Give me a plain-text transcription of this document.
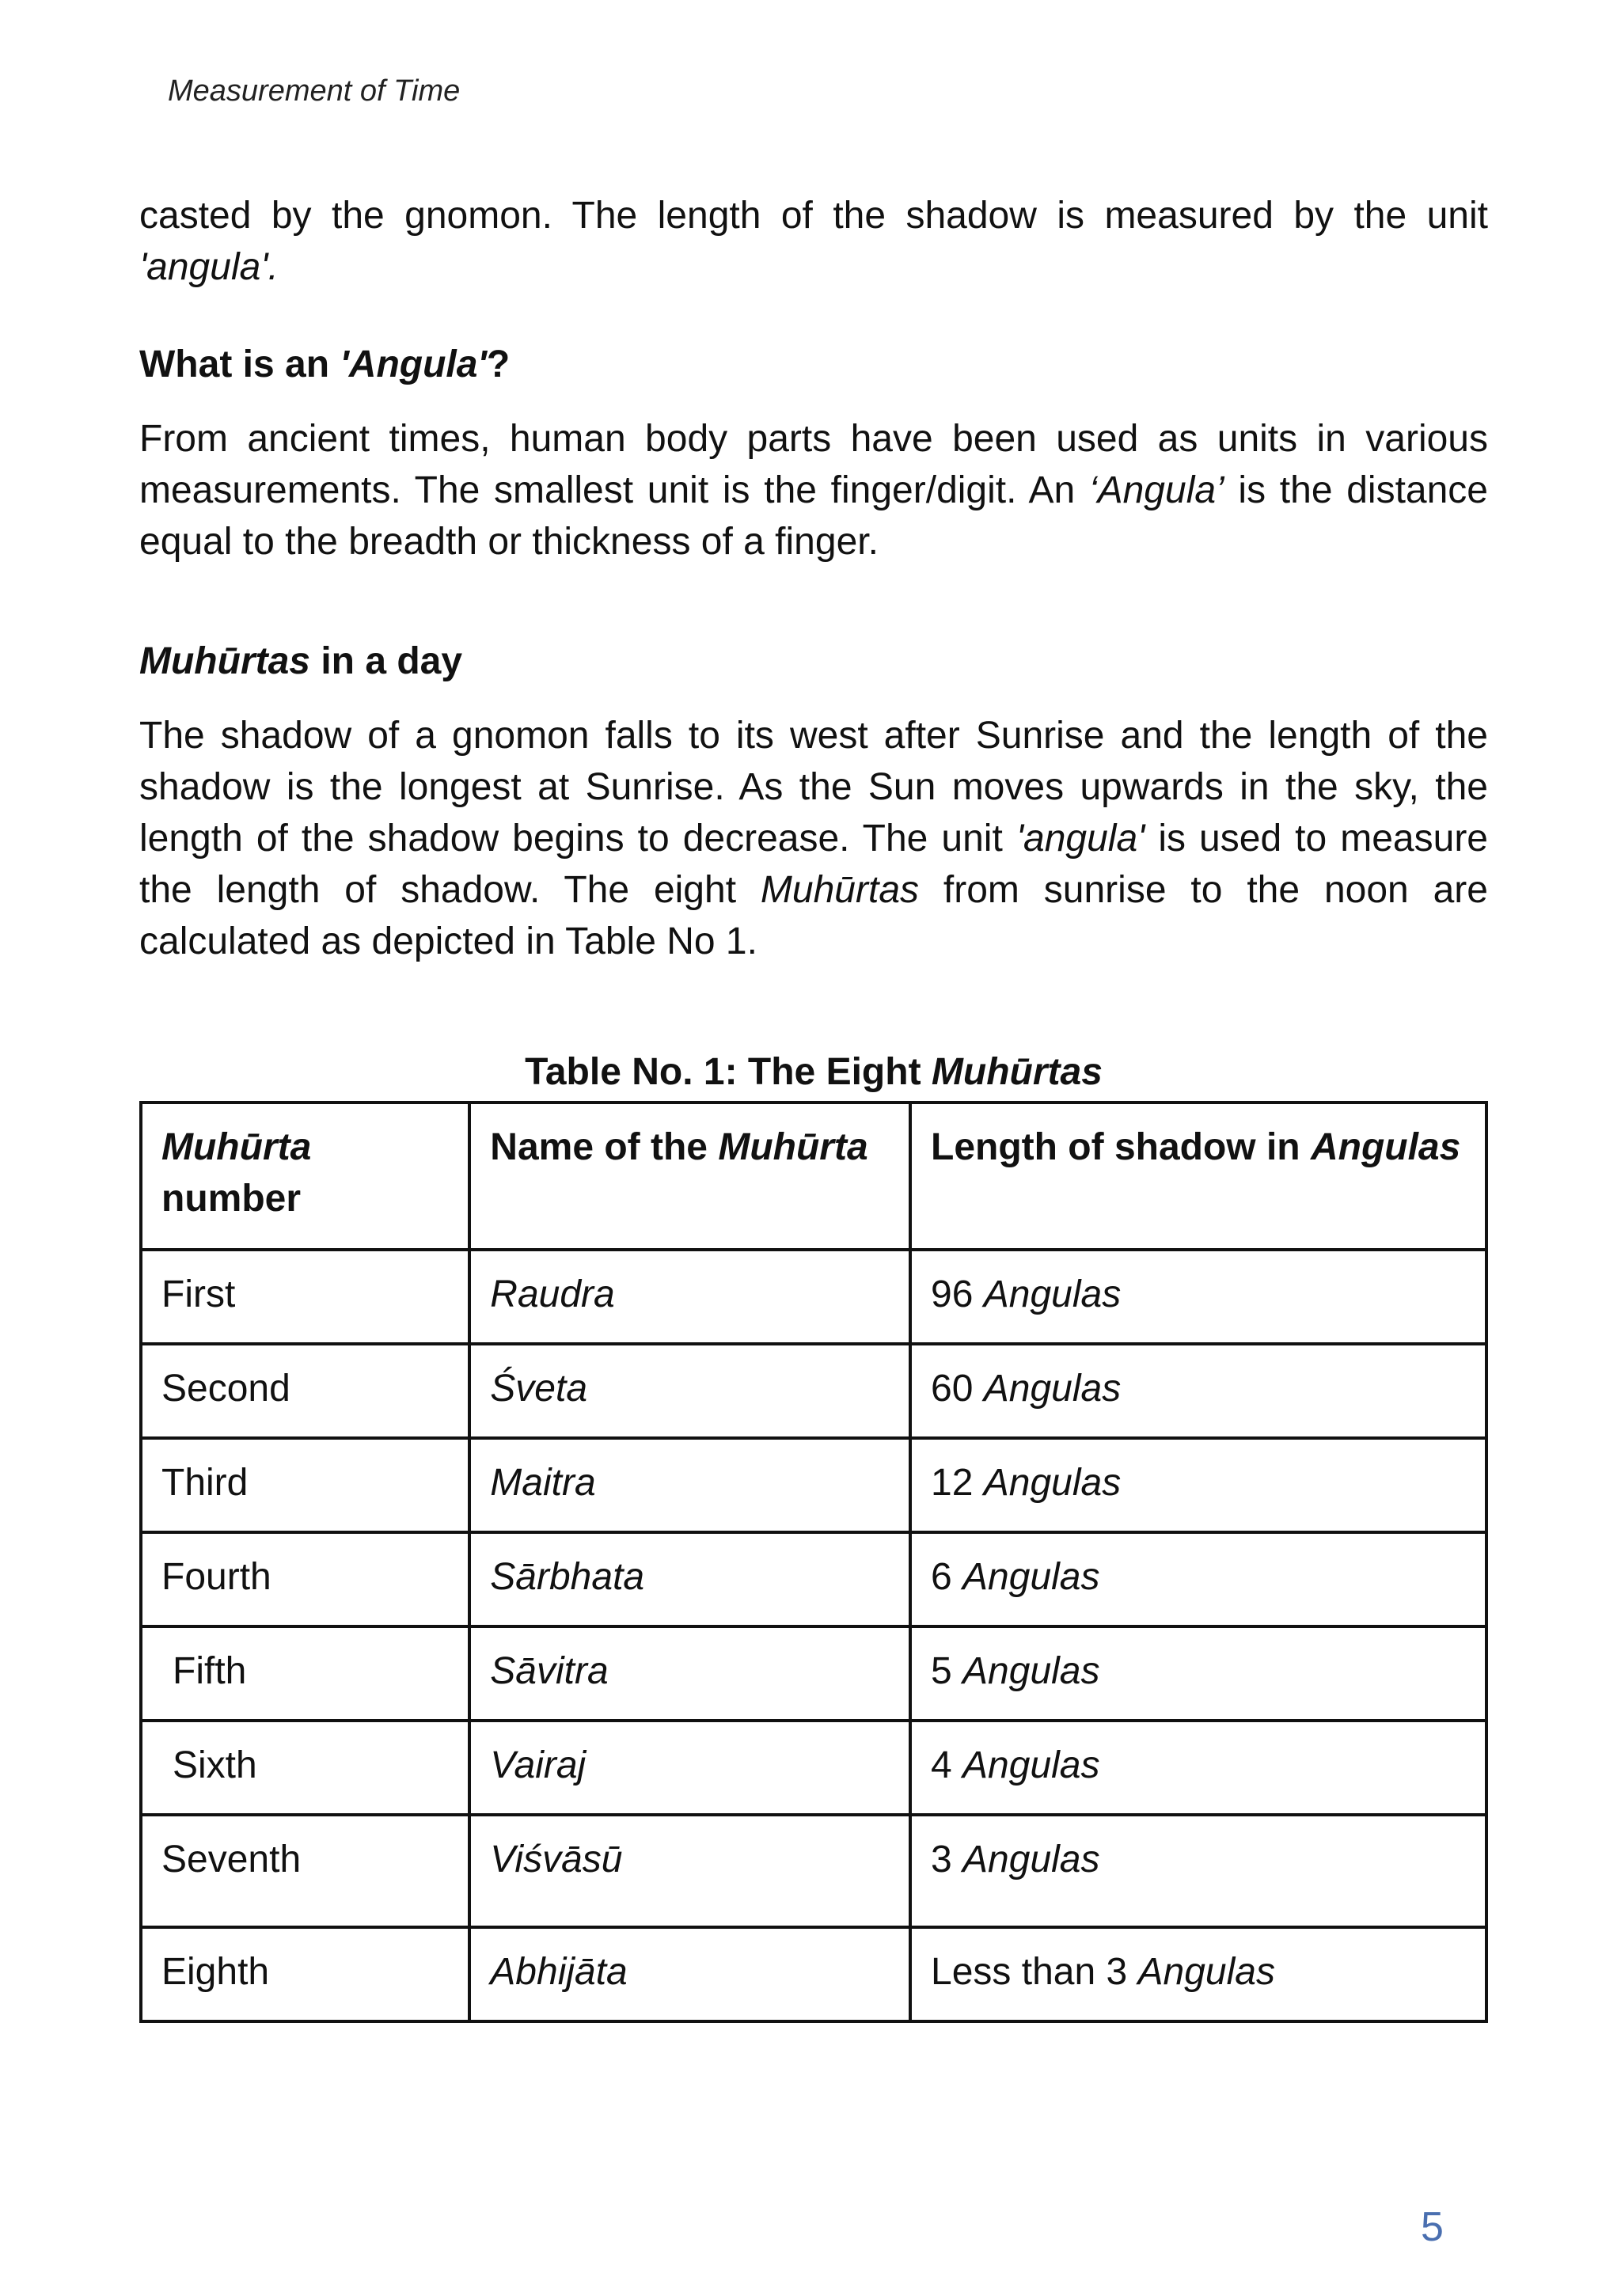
Measurement of Time

casted by the gnomon. The length of the shadow is measured by the unit 'angula'.

What is an 'Angula'?

From ancient times, human body parts have been used as units in various measurements. The smallest unit is the finger/digit. An ‘Angula’ is the distance equal to the breadth or thickness of a finger.

Muhūrtas in a day

The shadow of a gnomon falls to its west after Sunrise and the length of the shadow is the longest at Sunrise. As the Sun moves upwards in the sky, the length of the shadow begins to decrease. The unit 'angula' is used to measure the length of shadow. The eight Muhūrtas from sunrise to the noon are calculated as depicted in Table No 1.

Table No. 1: The Eight Muhūrtas
Muhūrta number	Name of the Muhūrta	Length of shadow in Angulas
First	Raudra	96 Angulas
Second	Śveta	60 Angulas
Third	Maitra	12 Angulas
Fourth	Sārbhata	6 Angulas
Fifth	Sāvitra	5 Angulas
Sixth	Vairaj	4 Angulas
Seventh	Viśvāsū	3 Angulas
Eighth	Abhijāta	Less than 3 Angulas
5
